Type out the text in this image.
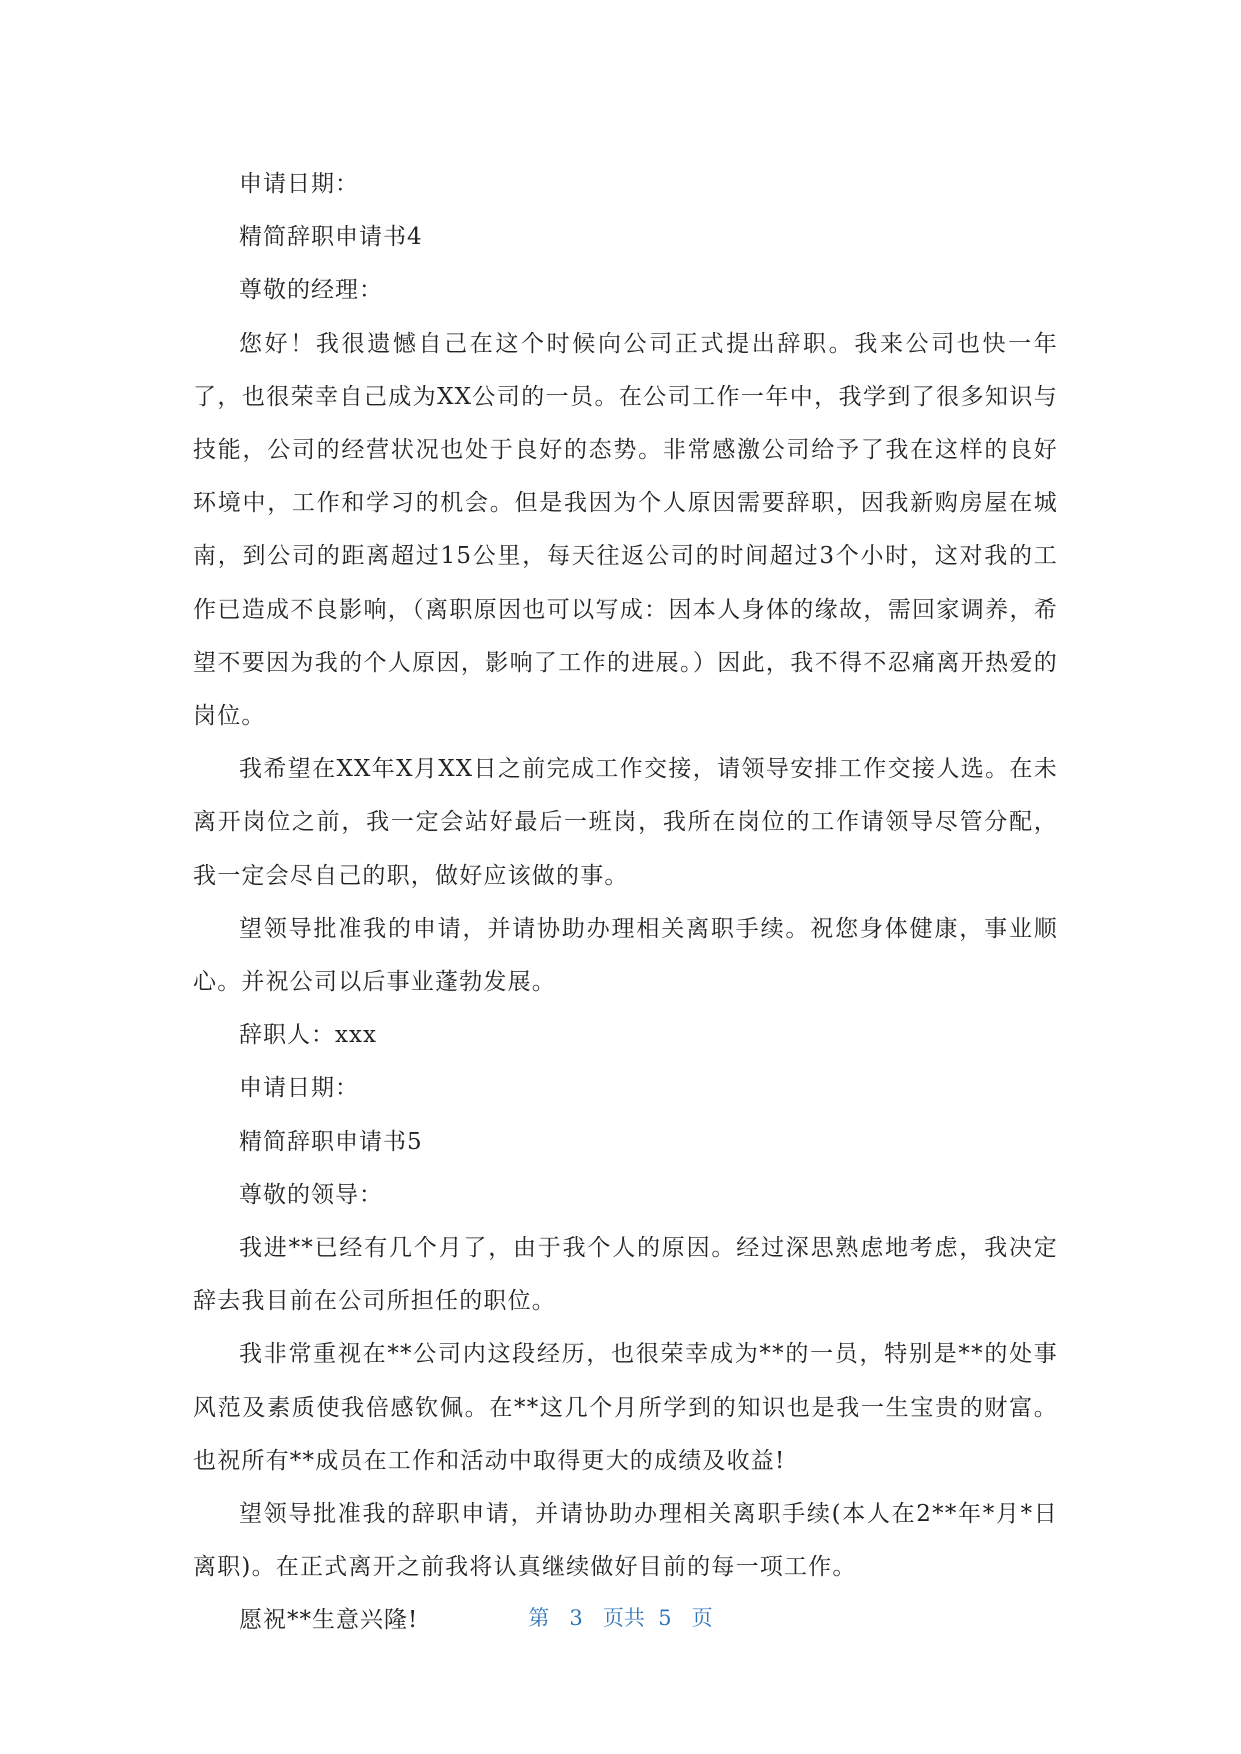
申请日期：

精简辞职申请书4

尊敬的经理：

您好！我很遗憾自己在这个时候向公司正式提出辞职。我来公司也快一年了，也很荣幸自己成为XX公司的一员。在公司工作一年中，我学到了很多知识与技能，公司的经营状况也处于良好的态势。非常感激公司给予了我在这样的良好环境中，工作和学习的机会。但是我因为个人原因需要辞职，因我新购房屋在城南，到公司的距离超过15公里，每天往返公司的时间超过3个小时，这对我的工作已造成不良影响，（离职原因也可以写成：因本人身体的缘故，需回家调养，希望不要因为我的个人原因，影响了工作的进展。）因此，我不得不忍痛离开热爱的岗位。

我希望在XX年X月XX日之前完成工作交接，请领导安排工作交接人选。在未离开岗位之前，我一定会站好最后一班岗，我所在岗位的工作请领导尽管分配，我一定会尽自己的职，做好应该做的事。

望领导批准我的申请，并请协助办理相关离职手续。祝您身体健康，事业顺心。并祝公司以后事业蓬勃发展。

辞职人：xxx

申请日期：

精简辞职申请书5

尊敬的领导：

我进**已经有几个月了，由于我个人的原因。经过深思熟虑地考虑，我决定辞去我目前在公司所担任的职位。

我非常重视在**公司内这段经历，也很荣幸成为**的一员，特别是**的处事风范及素质使我倍感钦佩。在**这几个月所学到的知识也是我一生宝贵的财富。也祝所有**成员在工作和活动中取得更大的成绩及收益!

望领导批准我的辞职申请，并请协助办理相关离职手续(本人在2**年*月*日离职)。在正式离开之前我将认真继续做好目前的每一项工作。

愿祝**生意兴隆!	第 3 页共 5 页
